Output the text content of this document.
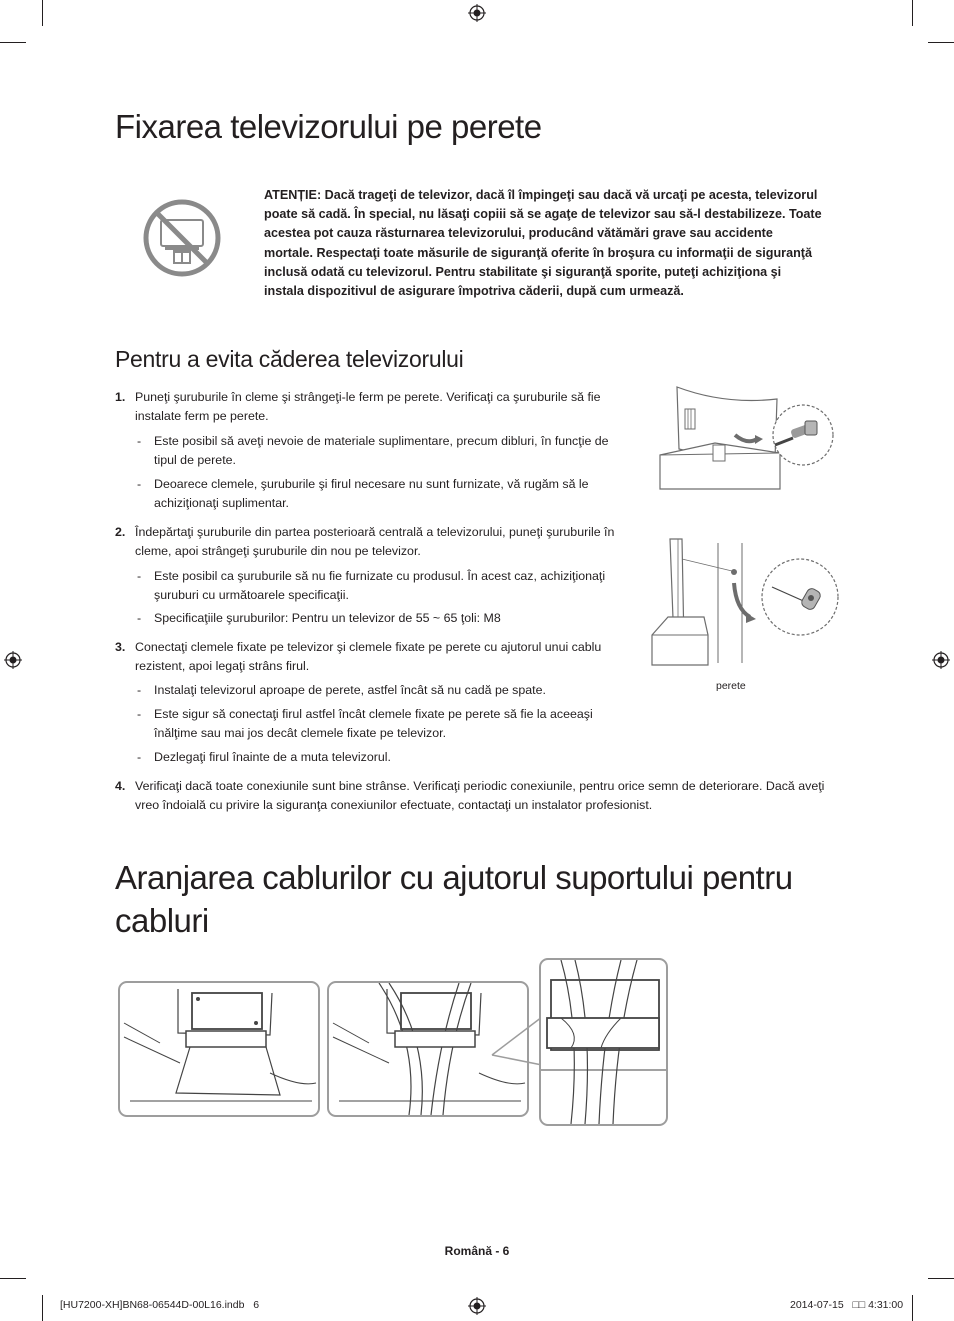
Fixarea televizorului pe perete
ATENȚIE: Dacă trageţi de televizor, dacă îl împingeţi sau dacă vă urcaţi pe acesta, televizorul poate să cadă. În special, nu lăsaţi copiii să se agaţe de televizor sau să-l destabilizeze. Toate acestea pot cauza răsturnarea televizorului, producând vătămări grave sau accidente mortale. Respectaţi toate măsurile de siguranţă oferite în broşura cu informaţii de siguranţă inclusă odată cu televizorul. Pentru stabilitate şi siguranţă sporite, puteţi achiziţiona şi instala dispozitivul de asigurare împotriva căderii, după cum urmează.
Pentru a evita căderea televizorului
1. Puneţi şuruburile în cleme şi strângeţi-le ferm pe perete. Verificaţi ca şuruburile să fie instalate ferm pe perete.
- Este posibil să aveţi nevoie de materiale suplimentare, precum dibluri, în funcţie de tipul de perete.
- Deoarece clemele, şuruburile şi firul necesare nu sunt furnizate, vă rugăm să le achiziţionaţi suplimentar.
2. Îndepărtaţi şuruburile din partea posterioară centrală a televizorului, puneţi şuruburile în cleme, apoi strângeţi şuruburile din nou pe televizor.
- Este posibil ca şuruburile să nu fie furnizate cu produsul. În acest caz, achiziţionaţi şuruburi cu următoarele specificaţii.
- Specificaţiile şuruburilor: Pentru un televizor de 55 ~ 65 ţoli: M8
3. Conectaţi clemele fixate pe televizor şi clemele fixate pe perete cu ajutorul unui cablu rezistent, apoi legaţi strâns firul.
- Instalaţi televizorul aproape de perete, astfel încât să nu cadă pe spate.
- Este sigur să conectaţi firul astfel încât clemele fixate pe perete să fie la aceeaşi înălţime sau mai jos decât clemele fixate pe televizor.
- Dezlegaţi firul înainte de a muta televizorul.
4. Verificaţi dacă toate conexiunile sunt bine strânse. Verificaţi periodic conexiunile, pentru orice semn de deteriorare. Dacă aveţi vreo îndoială cu privire la siguranţa conexiunilor efectuate, contactaţi un instalator profesionist.
perete
Aranjarea cablurilor cu ajutorul suportului pentru cabluri
Română - 6
[HU7200-XH]BN68-06544D-00L16.indb   6	2014-07-15   □□ 4:31:00
